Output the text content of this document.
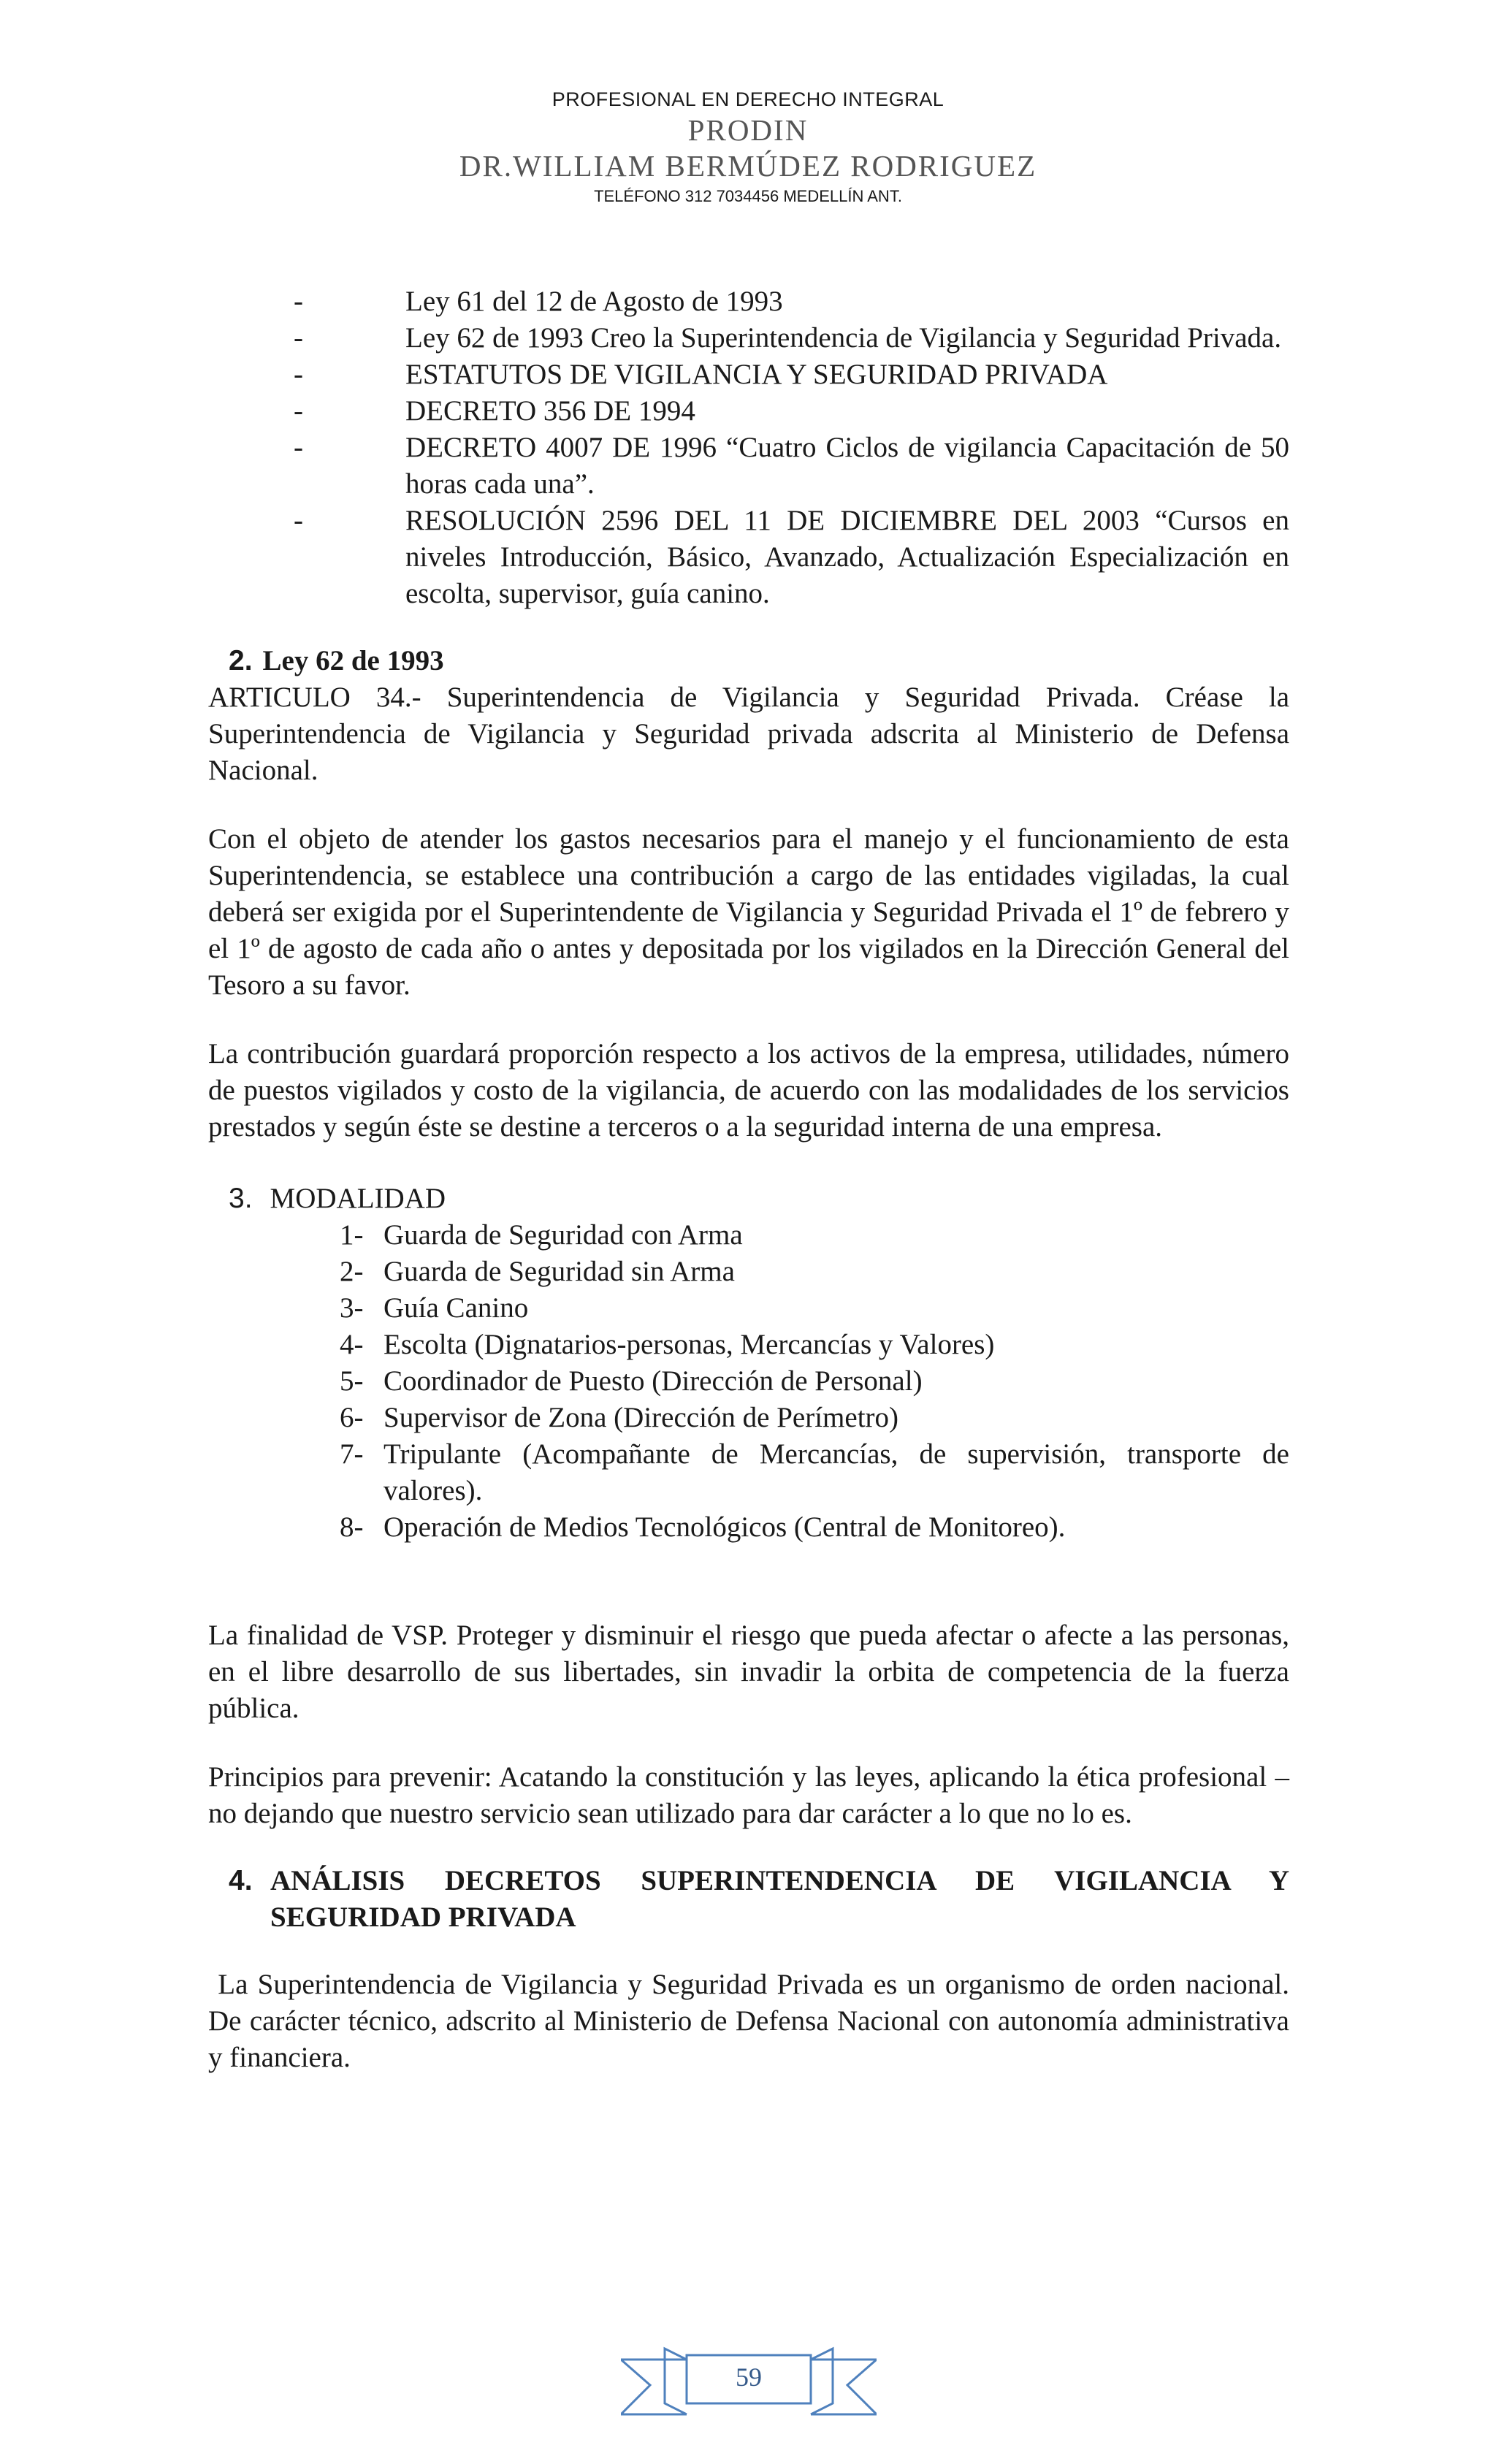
PROFESIONAL EN DERECHO INTEGRAL
PRODIN
DR.WILLIAM BERMÚDEZ RODRIGUEZ
TELÉFONO 312 7034456 MEDELLÍN ANT.
-	Ley 61 del 12 de Agosto de 1993
-	Ley 62 de 1993 Creo la Superintendencia de Vigilancia y Seguridad Privada.
-	ESTATUTOS DE VIGILANCIA Y SEGURIDAD PRIVADA
-	DECRETO 356 DE 1994
-	DECRETO 4007 DE 1996 “Cuatro Ciclos de vigilancia Capacitación de 50 horas cada una”.
-	RESOLUCIÓN 2596 DEL 11 DE DICIEMBRE DEL 2003 “Cursos en niveles Introducción, Básico, Avanzado, Actualización Especialización en escolta, supervisor, guía canino.
2. Ley 62 de 1993
ARTICULO 34.- Superintendencia de Vigilancia y Seguridad Privada. Créase la Superintendencia de Vigilancia y Seguridad privada adscrita al Ministerio de Defensa Nacional.
Con el objeto de atender los gastos necesarios para el manejo y el funcionamiento de esta Superintendencia, se establece una contribución a cargo de las entidades vigiladas, la cual deberá ser exigida por el Superintendente de Vigilancia y Seguridad Privada el 1º de febrero y el 1º de agosto de cada año o antes y depositada por los vigilados en la Dirección General del Tesoro a su favor.
La contribución guardará proporción respecto a los activos de la empresa, utilidades, número de puestos vigilados y costo de la vigilancia, de acuerdo con las modalidades de los servicios prestados y según éste se destine a terceros o a la seguridad interna de una empresa.
3. MODALIDAD
1- Guarda de Seguridad con Arma
2- Guarda de Seguridad sin Arma
3- Guía Canino
4- Escolta (Dignatarios-personas, Mercancías y Valores)
5- Coordinador de Puesto (Dirección de Personal)
6- Supervisor de Zona (Dirección de Perímetro)
7- Tripulante (Acompañante de Mercancías, de supervisión, transporte de valores).
8- Operación de Medios Tecnológicos (Central de Monitoreo).
La finalidad de VSP. Proteger y disminuir el riesgo que pueda afectar o afecte a las personas, en el libre desarrollo de sus libertades, sin invadir la orbita de competencia de la fuerza pública.
Principios para prevenir: Acatando la constitución y las leyes, aplicando la ética profesional – no dejando que nuestro servicio sean utilizado para dar carácter a lo que no lo es.
4. ANÁLISIS DECRETOS SUPERINTENDENCIA DE VIGILANCIA Y SEGURIDAD PRIVADA
La Superintendencia de Vigilancia y Seguridad Privada es un organismo de orden nacional. De carácter técnico, adscrito al Ministerio de Defensa Nacional con autonomía administrativa y financiera.
59
